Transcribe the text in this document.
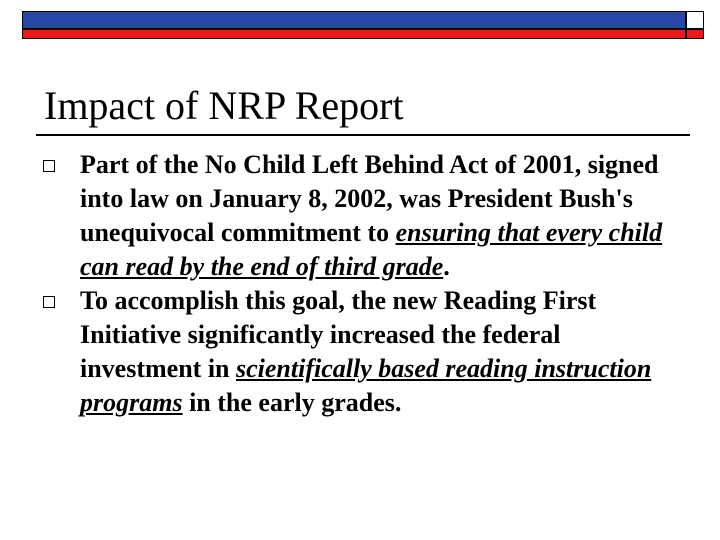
Impact of NRP Report
Part of the No Child Left Behind Act of 2001, signed into law on January 8, 2002, was President Bush's unequivocal commitment to ensuring that every child can read by the end of third grade.
To accomplish this goal, the new Reading First Initiative significantly increased the federal investment in scientifically based reading instruction programs in the early grades.
